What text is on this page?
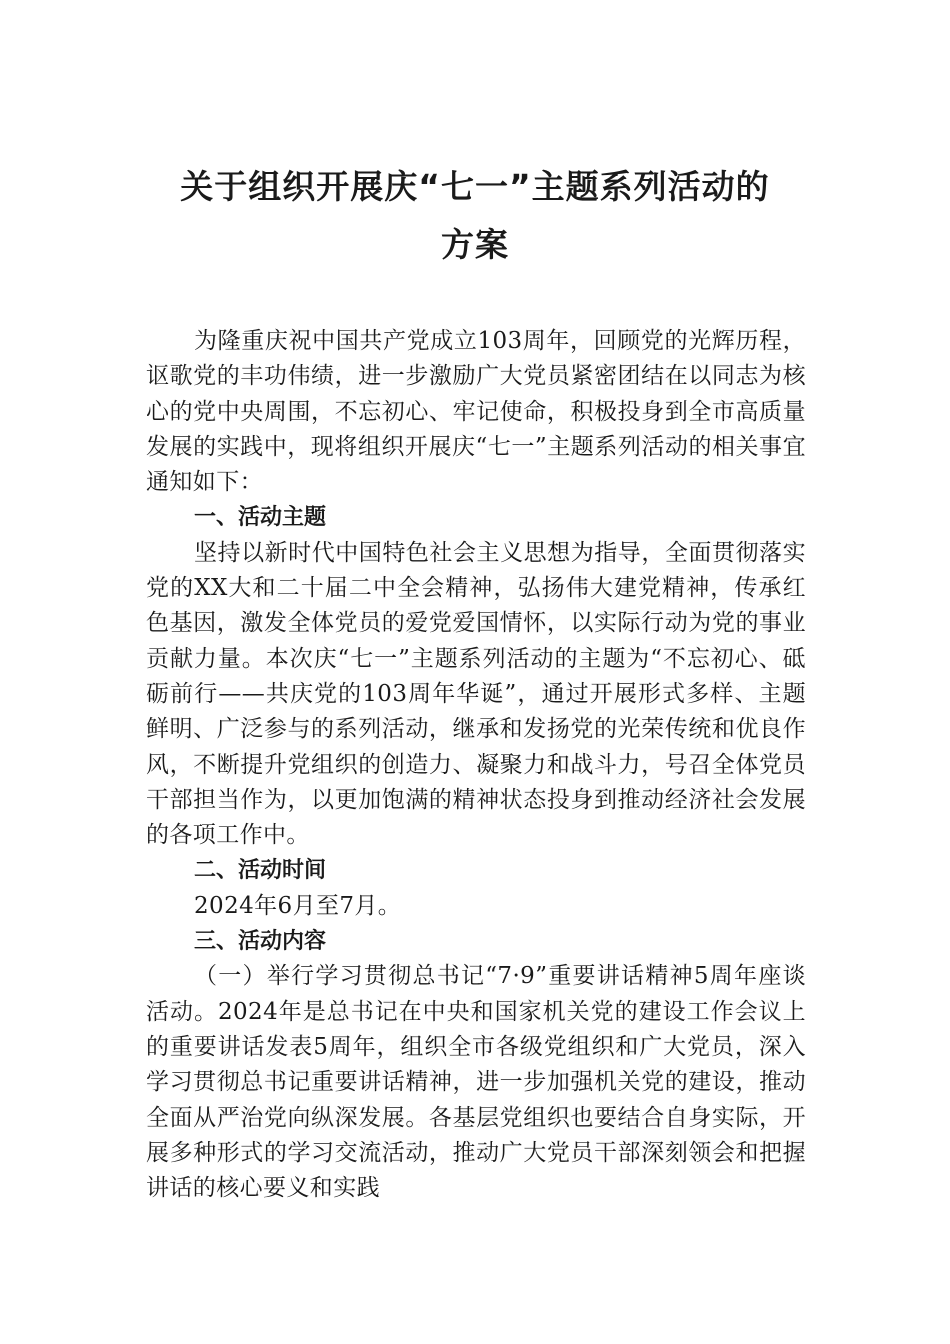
关于组织开展庆“七一”主题系列活动的

方案

为隆重庆祝中国共产党成立103周年，回顾党的光辉历程，讴歌党的丰功伟绩，进一步激励广大党员紧密团结在以同志为核心的党中央周围，不忘初心、牢记使命，积极投身到全市高质量发展的实践中，现将组织开展庆“七一”主题系列活动的相关事宜通知如下：

一、活动主题

坚持以新时代中国特色社会主义思想为指导，全面贯彻落实党的XX大和二十届二中全会精神，弘扬伟大建党精神，传承红色基因，激发全体党员的爱党爱国情怀，以实际行动为党的事业贡献力量。本次庆“七一”主题系列活动的主题为“不忘初心、砥砺前行——共庆党的103周年华诞”，通过开展形式多样、主题鲜明、广泛参与的系列活动，继承和发扬党的光荣传统和优良作风，不断提升党组织的创造力、凝聚力和战斗力，号召全体党员干部担当作为，以更加饱满的精神状态投身到推动经济社会发展的各项工作中。

二、活动时间

2024年6月至7月。

三、活动内容

（一）举行学习贯彻总书记“7·9”重要讲话精神5周年座谈活动。2024年是总书记在中央和国家机关党的建设工作会议上的重要讲话发表5周年，组织全市各级党组织和广大党员，深入学习贯彻总书记重要讲话精神，进一步加强机关党的建设，推动全面从严治党向纵深发展。各基层党组织也要结合自身实际，开展多种形式的学习交流活动，推动广大党员干部深刻领会和把握讲话的核心要义和实践
